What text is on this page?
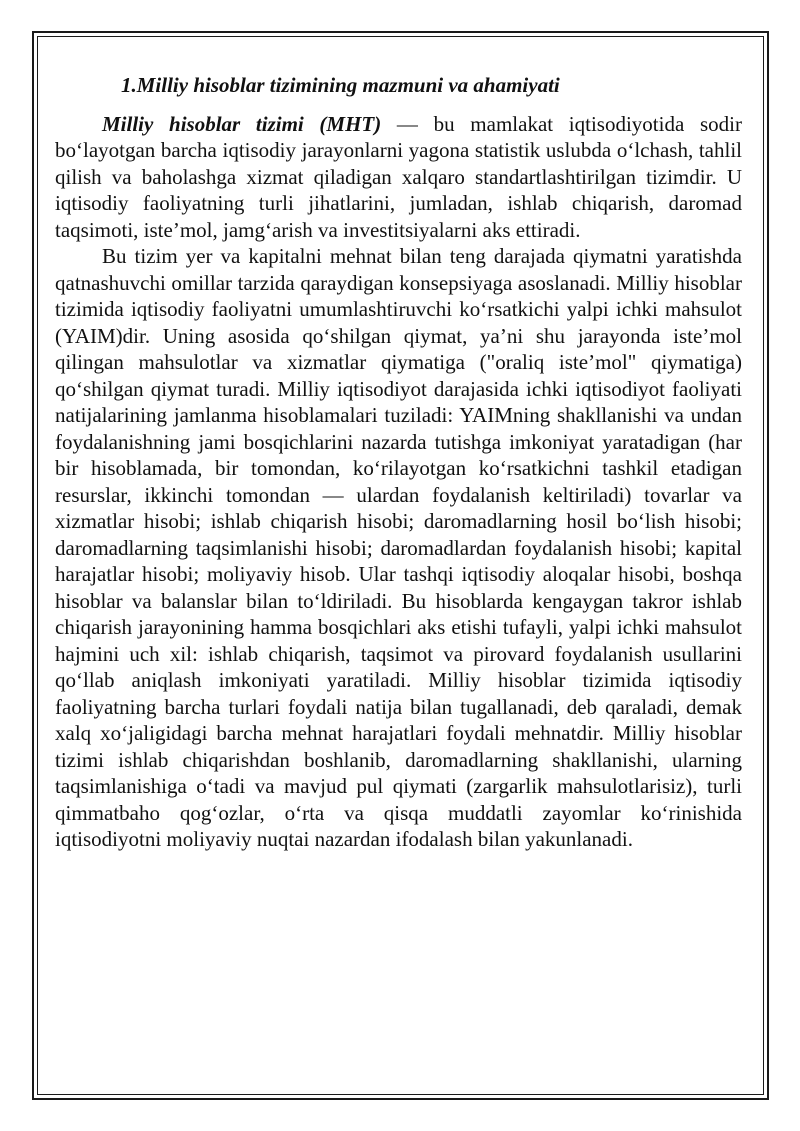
1.Milliy hisoblar tizimining mazmuni va ahamiyati

Milliy hisoblar tizimi (MHT) — bu mamlakat iqtisodiyotida sodir bo‘layotgan barcha iqtisodiy jarayonlarni yagona statistik uslubda o‘lchash, tahlil qilish va baholashga xizmat qiladigan xalqaro standartlashtirilgan tizimdir. U iqtisodiy faoliyatning turli jihatlarini, jumladan, ishlab chiqarish, daromad taqsimoti, iste’mol, jamg‘arish va investitsiyalarni aks ettiradi.

Bu tizim yer va kapitalni mehnat bilan teng darajada qiymatni yaratishda qatnashuvchi omillar tarzida qaraydigan konsepsiyaga asoslanadi. Milliy hisoblar tizimida iqtisodiy faoliyatni umumlashtiruvchi ko‘rsatkichi yalpi ichki mahsulot (YAIM)dir. Uning asosida qo‘shilgan qiymat, ya’ni shu jarayonda iste’mol qilingan mahsulotlar va xizmatlar qiymatiga ("oraliq iste’mol" qiymatiga) qo‘shilgan qiymat turadi. Milliy iqtisodiyot darajasida ichki iqtisodiyot faoliyati natijalarining jamlanma hisoblamalari tuziladi: YAIMning shakllanishi va undan foydalanishning jami bosqichlarini nazarda tutishga imkoniyat yaratadigan (har bir hisoblamada, bir tomondan, ko‘rilayotgan ko‘rsatkichni tashkil etadigan resurslar, ikkinchi tomondan — ulardan foydalanish keltiriladi) tovarlar va xizmatlar hisobi; ishlab chiqarish hisobi; daromadlarning hosil bo‘lish hisobi; daromadlarning taqsimlanishi hisobi; daromadlardan foydalanish hisobi; kapital harajatlar hisobi; moliyaviy hisob. Ular tashqi iqtisodiy aloqalar hisobi, boshqa hisoblar va balanslar bilan to‘ldiriladi. Bu hisoblarda kengaygan takror ishlab chiqarish jarayonining hamma bosqichlari aks etishi tufayli, yalpi ichki mahsulot hajmini uch xil: ishlab chiqarish, taqsimot va pirovard foydalanish usullarini qo‘llab aniqlash imkoniyati yaratiladi. Milliy hisoblar tizimida iqtisodiy faoliyatning barcha turlari foydali natija bilan tugallanadi, deb qaraladi, demak xalq xo‘jaligidagi barcha mehnat harajatlari foydali mehnatdir. Milliy hisoblar tizimi ishlab chiqarishdan boshlanib, daromadlarning shakllanishi, ularning taqsimlanishiga o‘tadi va mavjud pul qiymati (zargarlik mahsulotlarisiz), turli qimmatbaho qog‘ozlar, o‘rta va qisqa muddatli zayomlar ko‘rinishida iqtisodiyotni moliyaviy nuqtai nazardan ifodalash bilan yakunlanadi.
